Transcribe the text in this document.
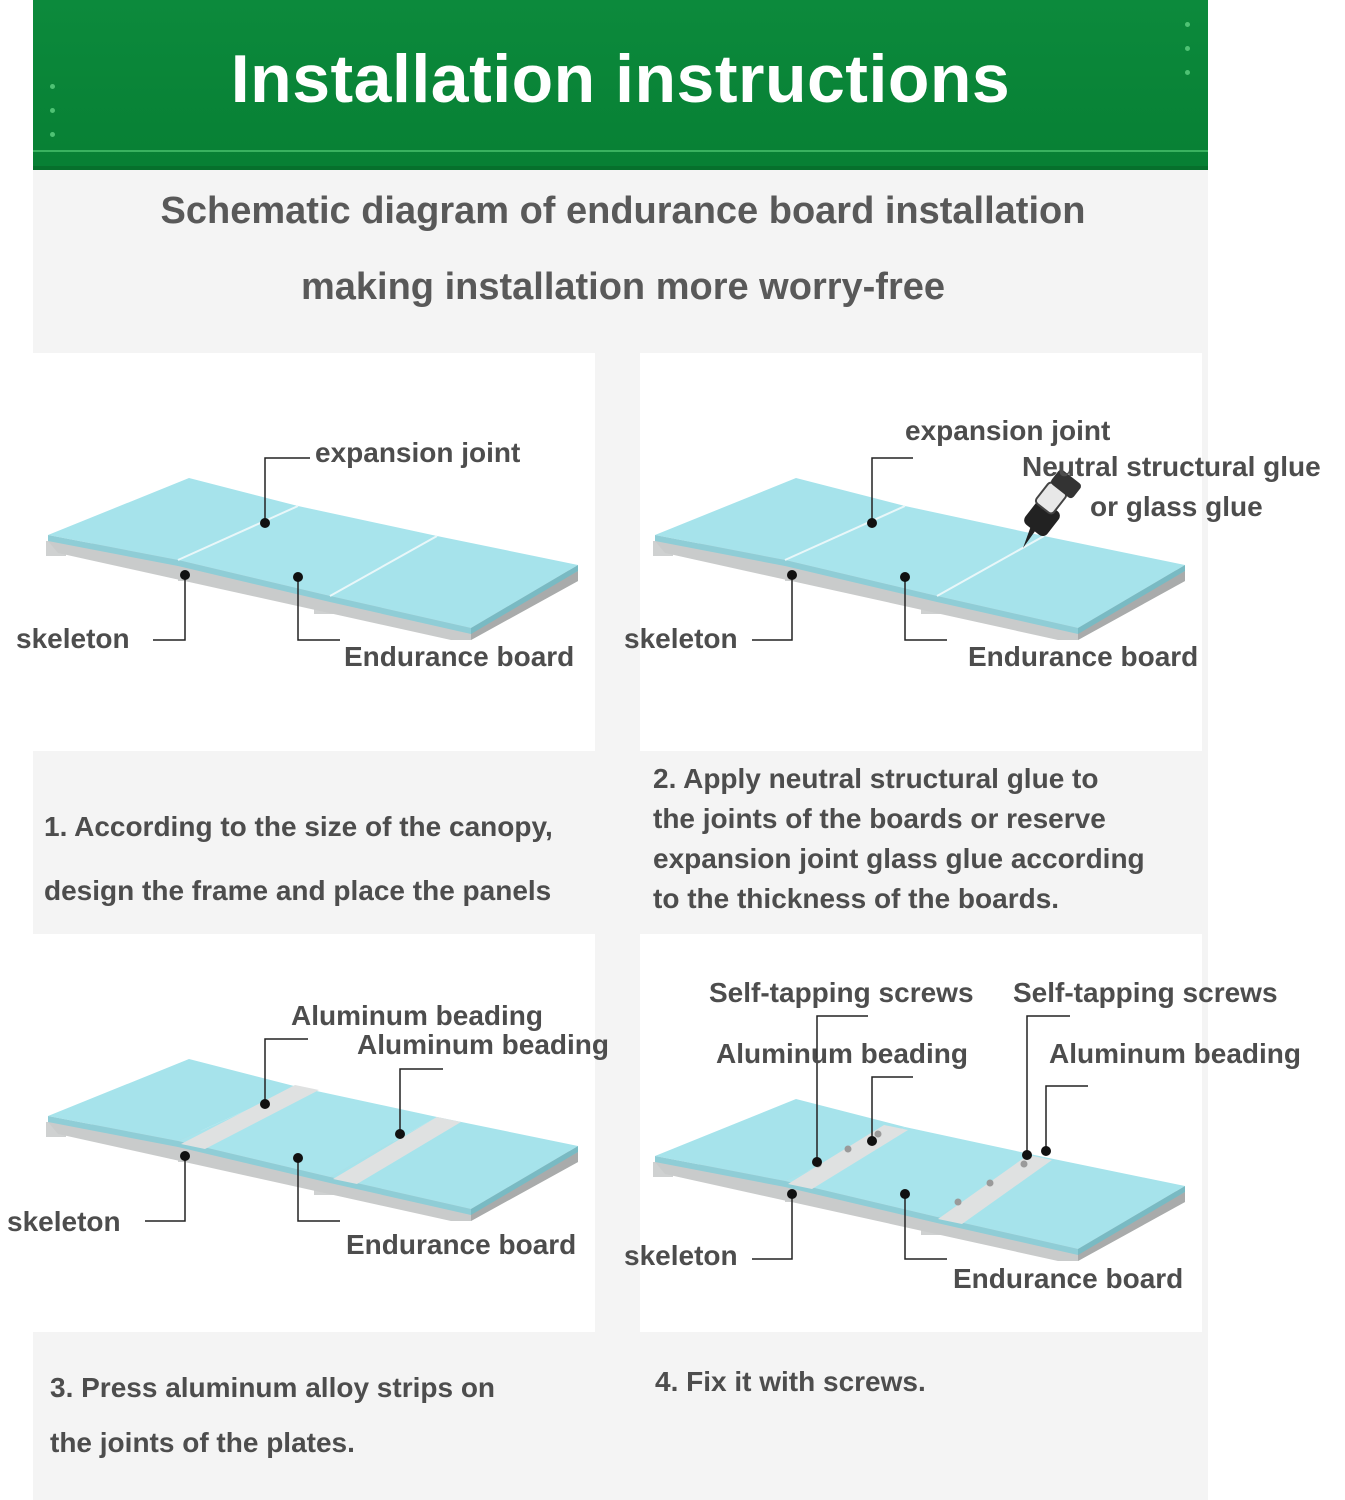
Installation instructions
Schematic diagram of endurance board installation
making installation more worry-free
expansion joint
skeleton
Endurance board
expansion joint
Neutral structural glue
or glass glue
skeleton
Endurance board
1. According to the size of the canopy,
design the frame and place the panels
2. Apply neutral structural glue to
the joints of the boards or reserve
expansion joint glass glue according
to the thickness of the boards.
Aluminum beading
Aluminum beading
skeleton
Endurance board
Self-tapping screws Self-tapping screws
Aluminum beading	Aluminum beading
skeleton
Endurance board
3. Press aluminum alloy strips on
the joints of the plates.
4. Fix it with screws.
